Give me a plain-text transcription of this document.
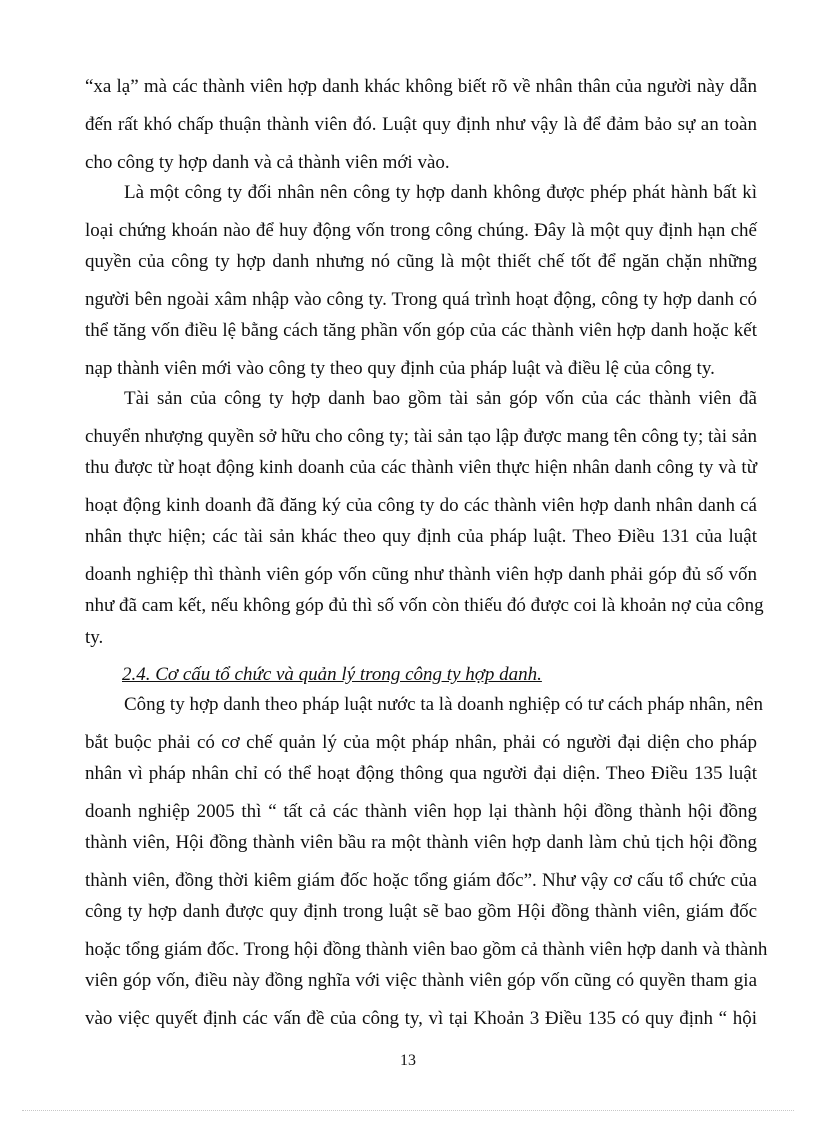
“xa lạ” mà các thành viên hợp danh khác không biết rõ về nhân thân của người này dẫn
đến rất khó chấp thuận thành viên đó. Luật quy định như vậy là để đảm bảo sự an toàn
cho công ty hợp danh và cả thành viên mới vào.
Là một công ty đối nhân nên công ty hợp danh không được phép phát hành bất kì
loại chứng khoán nào để huy động vốn trong công chúng. Đây là một quy định hạn chế
quyền của công ty hợp danh nhưng nó cũng là một thiết chế tốt để ngăn chặn những
người bên ngoài xâm nhập vào công ty. Trong quá trình hoạt động, công ty hợp danh có
thể tăng vốn điều lệ bằng cách tăng phần vốn góp của các thành viên hợp danh hoặc kết
nạp thành viên mới vào công ty theo quy định của pháp luật và điều lệ của công ty.
Tài sản của công ty hợp danh bao gồm tài sản góp vốn của các thành viên đã
chuyển nhượng quyền sở hữu cho công ty; tài sản tạo lập được mang tên công ty; tài sản
thu được từ hoạt động kinh doanh của các thành viên thực hiện nhân danh công ty và từ
hoạt động kinh doanh đã đăng ký của công ty do các thành viên hợp danh nhân danh cá
nhân thực hiện; các tài sản khác theo quy định của pháp luật. Theo Điều 131 của luật
doanh nghiệp thì thành viên góp vốn cũng như thành viên hợp danh phải góp đủ số vốn
như đã cam kết, nếu không góp đủ thì số vốn còn thiếu đó được coi là khoản nợ của công
ty.
2.4. Cơ cấu tổ chức và quản lý trong công ty hợp danh.
Công ty hợp danh theo pháp luật nước ta là doanh nghiệp có tư cách pháp nhân, nên
bắt buộc phải có cơ chế quản lý của một pháp nhân, phải có người đại diện cho pháp
nhân vì pháp nhân chỉ có thể hoạt động thông qua người đại diện. Theo Điều 135 luật
doanh nghiệp 2005 thì “ tất cả các thành viên họp lại thành hội đồng thành hội đồng
thành viên, Hội đồng thành viên bầu ra một thành viên hợp danh làm chủ tịch hội đồng
thành viên, đồng thời kiêm giám đốc hoặc tổng giám đốc”. Như vậy cơ cấu tổ chức của
công ty hợp danh được quy định trong luật sẽ bao gồm Hội đồng thành viên, giám đốc
hoặc tổng giám đốc. Trong hội đồng thành viên bao gồm cả thành viên hợp danh và thành
viên góp vốn, điều này đồng nghĩa với việc thành viên góp vốn cũng có quyền tham gia
vào việc quyết định các vấn đề của công ty, vì tại Khoản 3 Điều 135 có quy định “ hội
13
